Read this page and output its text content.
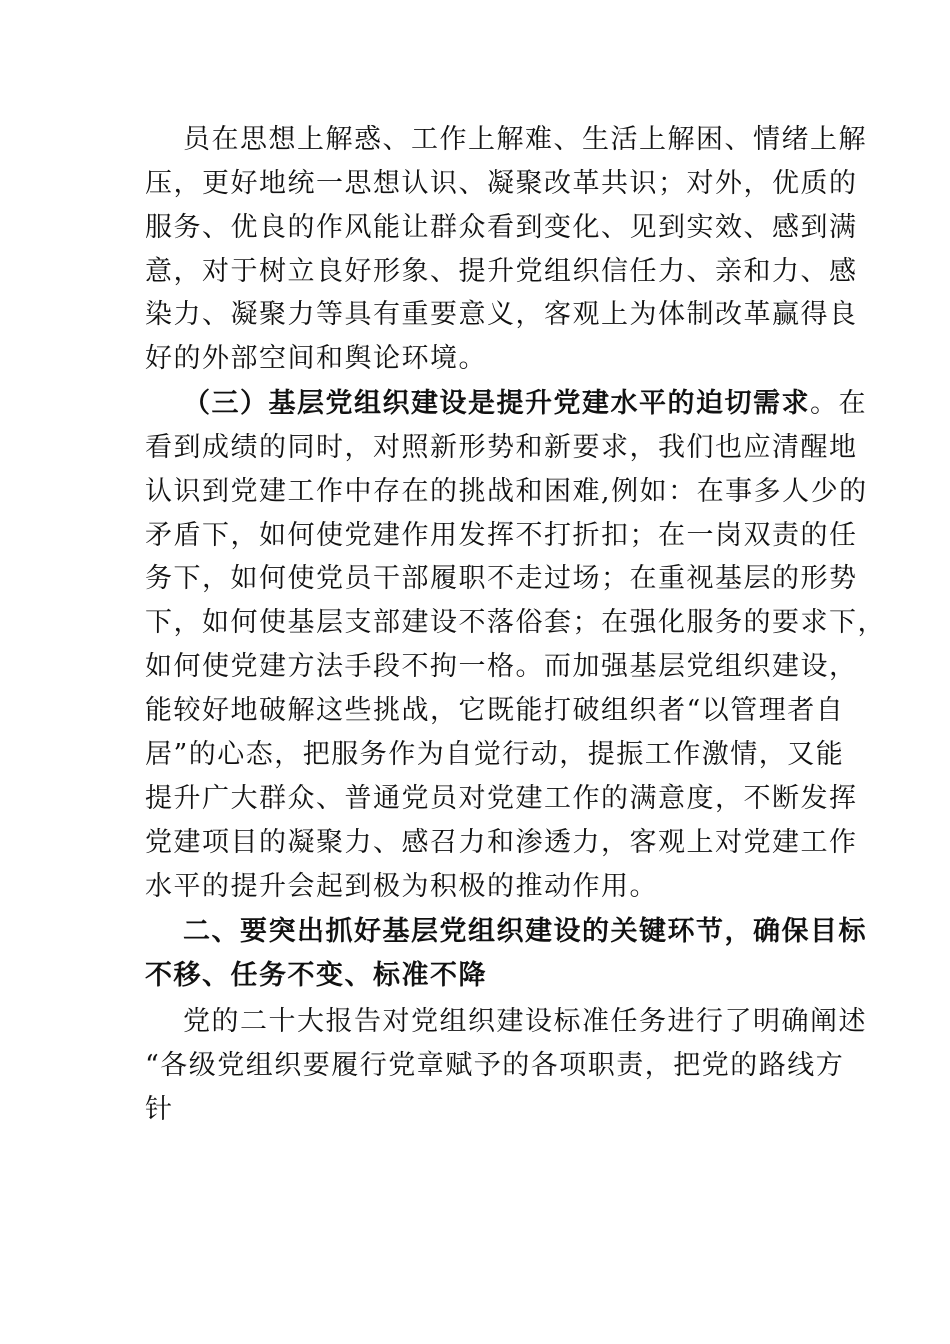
员在思想上解惑、工作上解难、生活上解困、情绪上解
压，更好地统一思想认识、凝聚改革共识；对外，优质的
服务、优良的作风能让群众看到变化、见到实效、感到满
意，对于树立良好形象、提升党组织信任力、亲和力、感
染力、凝聚力等具有重要意义，客观上为体制改革赢得良
好的外部空间和舆论环境。
（三）基层党组织建设是提升党建水平的迫切需求。在
看到成绩的同时，对照新形势和新要求，我们也应清醒地
认识到党建工作中存在的挑战和困难,例如：在事多人少的
矛盾下，如何使党建作用发挥不打折扣；在一岗双责的任
务下，如何使党员干部履职不走过场；在重视基层的形势
下，如何使基层支部建设不落俗套；在强化服务的要求下，
如何使党建方法手段不拘一格。而加强基层党组织建设，
能较好地破解这些挑战，它既能打破组织者“以管理者自
居”的心态，把服务作为自觉行动，提振工作激情，又能
提升广大群众、普通党员对党建工作的满意度，不断发挥
党建项目的凝聚力、感召力和渗透力，客观上对党建工作
水平的提升会起到极为积极的推动作用。
二、要突出抓好基层党组织建设的关键环节，确保目标
不移、任务不变、标准不降
党的二十大报告对党组织建设标准任务进行了明确阐述
“各级党组织要履行党章赋予的各项职责，把党的路线方
针
